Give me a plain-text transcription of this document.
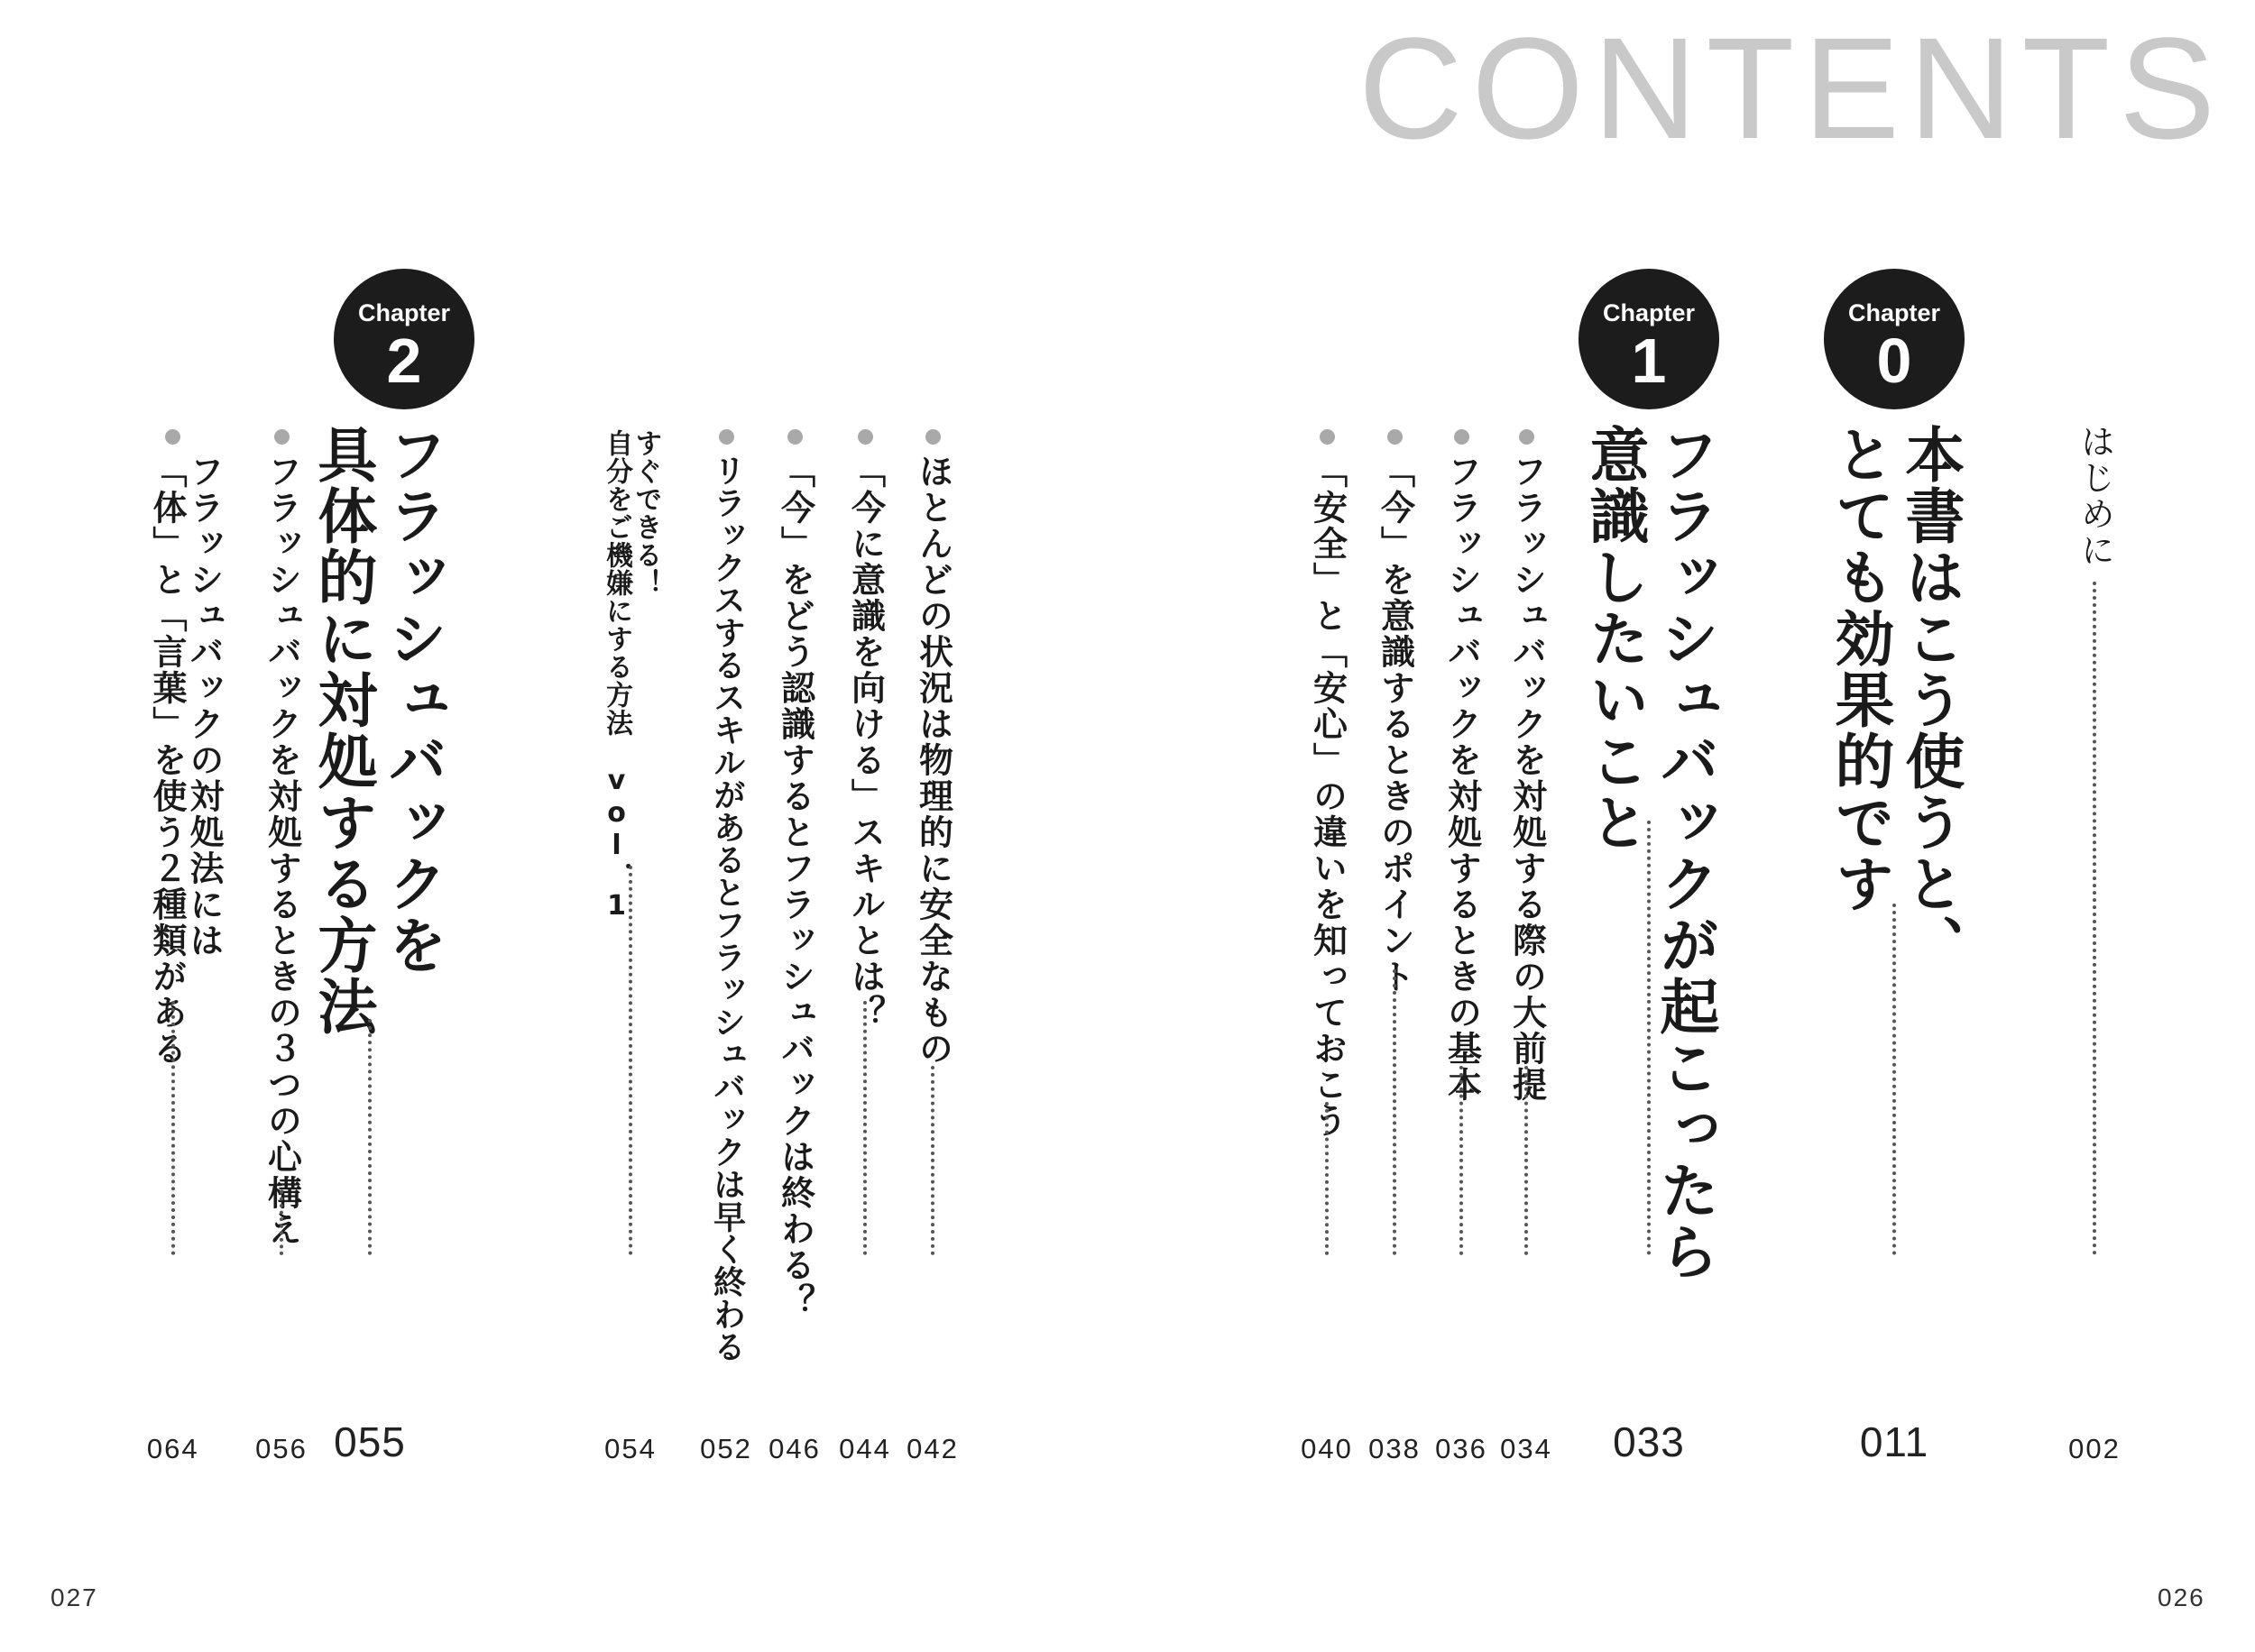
CONTENTS
はじめに
002
Chapter
0
本書はこう使うと、
とても効果的です
011
Chapter
1
フラッシュバックが起こったら
意識したいこと
033
フラッシュバックを対処する際の大前提
034
フラッシュバックを対処するときの基本
036
「今」を意識するときのポイント
038
「安全」と「安心」の違いを知っておこう
040
ほとんどの状況は物理的に安全なもの
042
「今に意識を向ける」スキルとは？
044
「今」をどう認識するとフラッシュバックは終わる？
046
リラックスするスキルがあるとフラッシュバックは早く終わる
052
すぐできる！
自分をご機嫌にする方法　vol．1
054
Chapter
2
フラッシュバックを
具体的に対処する方法
055
フラッシュバックを対処するときの３つの心構え
056
フラッシュバックの対処法には
「体」と「言葉」を使う２種類がある
064
027	026
